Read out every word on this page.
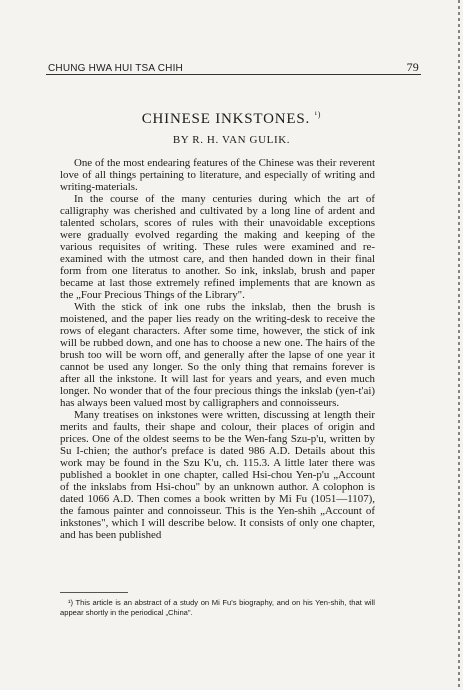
CHUNG HWA HUI TSA CHIH	79
CHINESE INKSTONES. $^{^1)}$
BY R. H. VAN GULIK.

One of the most endearing features of the Chinese was their reverent love of all things pertaining to literature, and especially of writing and writing-materials.

In the course of the many centuries during which the art of calligraphy was cherished and cultivated by a long line of ardent and talented scholars, scores of rules with their unavoidable exceptions were gradually evolved regarding the making and keeping of the various requisites of writing. These rules were examined and re-examined with the utmost care, and then handed down in their final form from one literatus to another. So ink, inkslab, brush and paper became at last those extremely refined implements that are known as the „Four Precious Things of the Library".

With the stick of ink one rubs the inkslab, then the brush is moistened, and the paper lies ready on the writing-desk to receive the rows of elegant characters. After some time, however, the stick of ink will be rubbed down, and one has to choose a new one. The hairs of the brush too will be worn off, and generally after the lapse of one year it cannot be used any longer. So the only thing that remains forever is after all the inkstone. It will last for years and years, and even much longer. No wonder that of the four precious things the inkslab (yen-t'ai) has always been valued most by calligraphers and connoisseurs.

Many treatises on inkstones were written, discussing at length their merits and faults, their shape and colour, their places of origin and prices. One of the oldest seems to be the Wen-fang Szu-p'u, written by Su I-chien; the author's preface is dated 986 A.D. Details about this work may be found in the Szu K'u, ch. 115.3. A little later there was published a booklet in one chapter, called Hsi-chou Yen-p'u „Account of the inkslabs from Hsi-chou" by an unknown author. A colophon is dated 1066 A.D. Then comes a book written by Mi Fu (1051—1107), the famous painter and connoisseur. This is the Yen-shih „Account of inkstones", which I will describe below. It consists of only one chapter, and has been published

¹) This article is an abstract of a study on Mi Fu's biography, and on his Yen-shih, that will appear shortly in the periodical „China".
